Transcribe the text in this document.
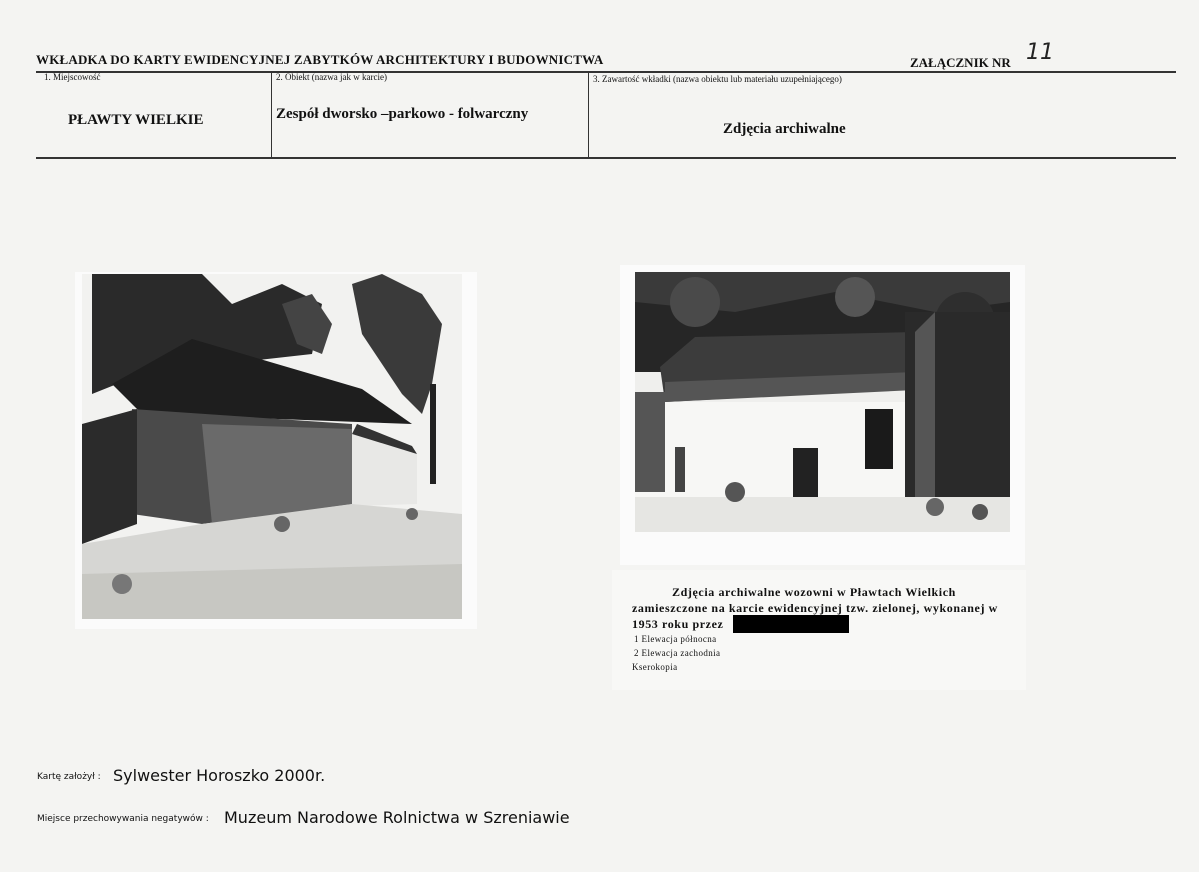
WKŁADKA DO KARTY EWIDENCYJNEJ ZABYTKÓW ARCHITEKTURY I BUDOWNICTWA	ZAŁĄCZNIK NR 11
1. Miejscowość
PŁAWTY WIELKIE
2. Obiekt (nazwa jak w karcie)
Zespół dworsko –parkowo - folwarczny
3. Zawartość wkładki (nazwa obiektu lub materiału uzupełniającego)
Zdjęcia archiwalne
Zdjęcia archiwalne wozowni w Pławtach Wielkich
zamieszczone na karcie ewidencyjnej tzw. zielonej, wykonanej w
1953 roku przez
1 Elewacja północna
2 Elewacja zachodnia
Kserokopia
Kartę założył : Sylwester Horoszko 2000r.
Miejsce przechowywania negatywów : Muzeum Narodowe Rolnictwa w Szreniawie
